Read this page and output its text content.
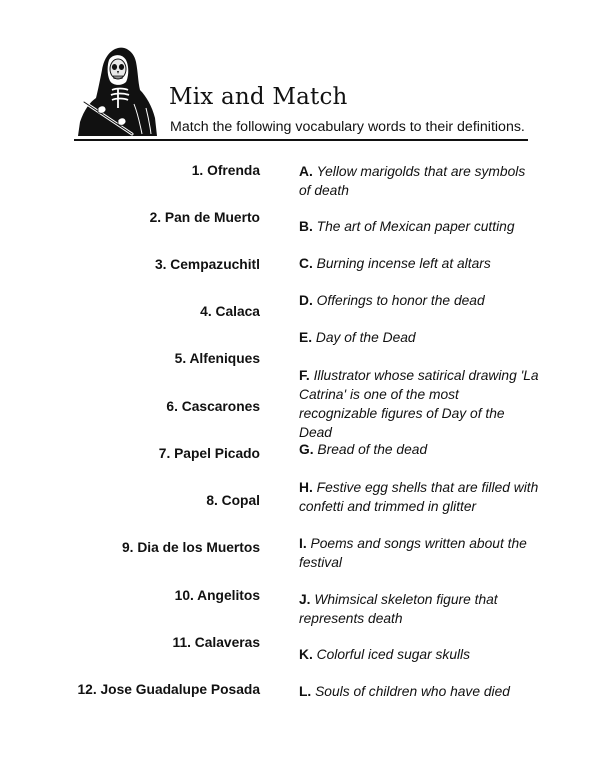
Mix and Match

Match the following vocabulary words to their definitions.

1. Ofrenda

2. Pan de Muerto

3. Cempazuchitl

4. Calaca

5. Alfeniques

6. Cascarones

7. Papel Picado

8. Copal

9. Dia de los Muertos

10. Angelitos

11. Calaveras

12. Jose Guadalupe Posada

A. Yellow marigolds that are symbols of death

B. The art of Mexican paper cutting

C. Burning incense left at altars

D. Offerings to honor the dead

E. Day of the Dead

F. Illustrator whose satirical drawing 'La Catrina' is one of the most recognizable figures of Day of the Dead

G. Bread of the dead

H. Festive egg shells that are filled with confetti and trimmed in glitter

I. Poems and songs written about the festival

J. Whimsical skeleton figure that represents death

K. Colorful iced sugar skulls

L. Souls of children who have died
